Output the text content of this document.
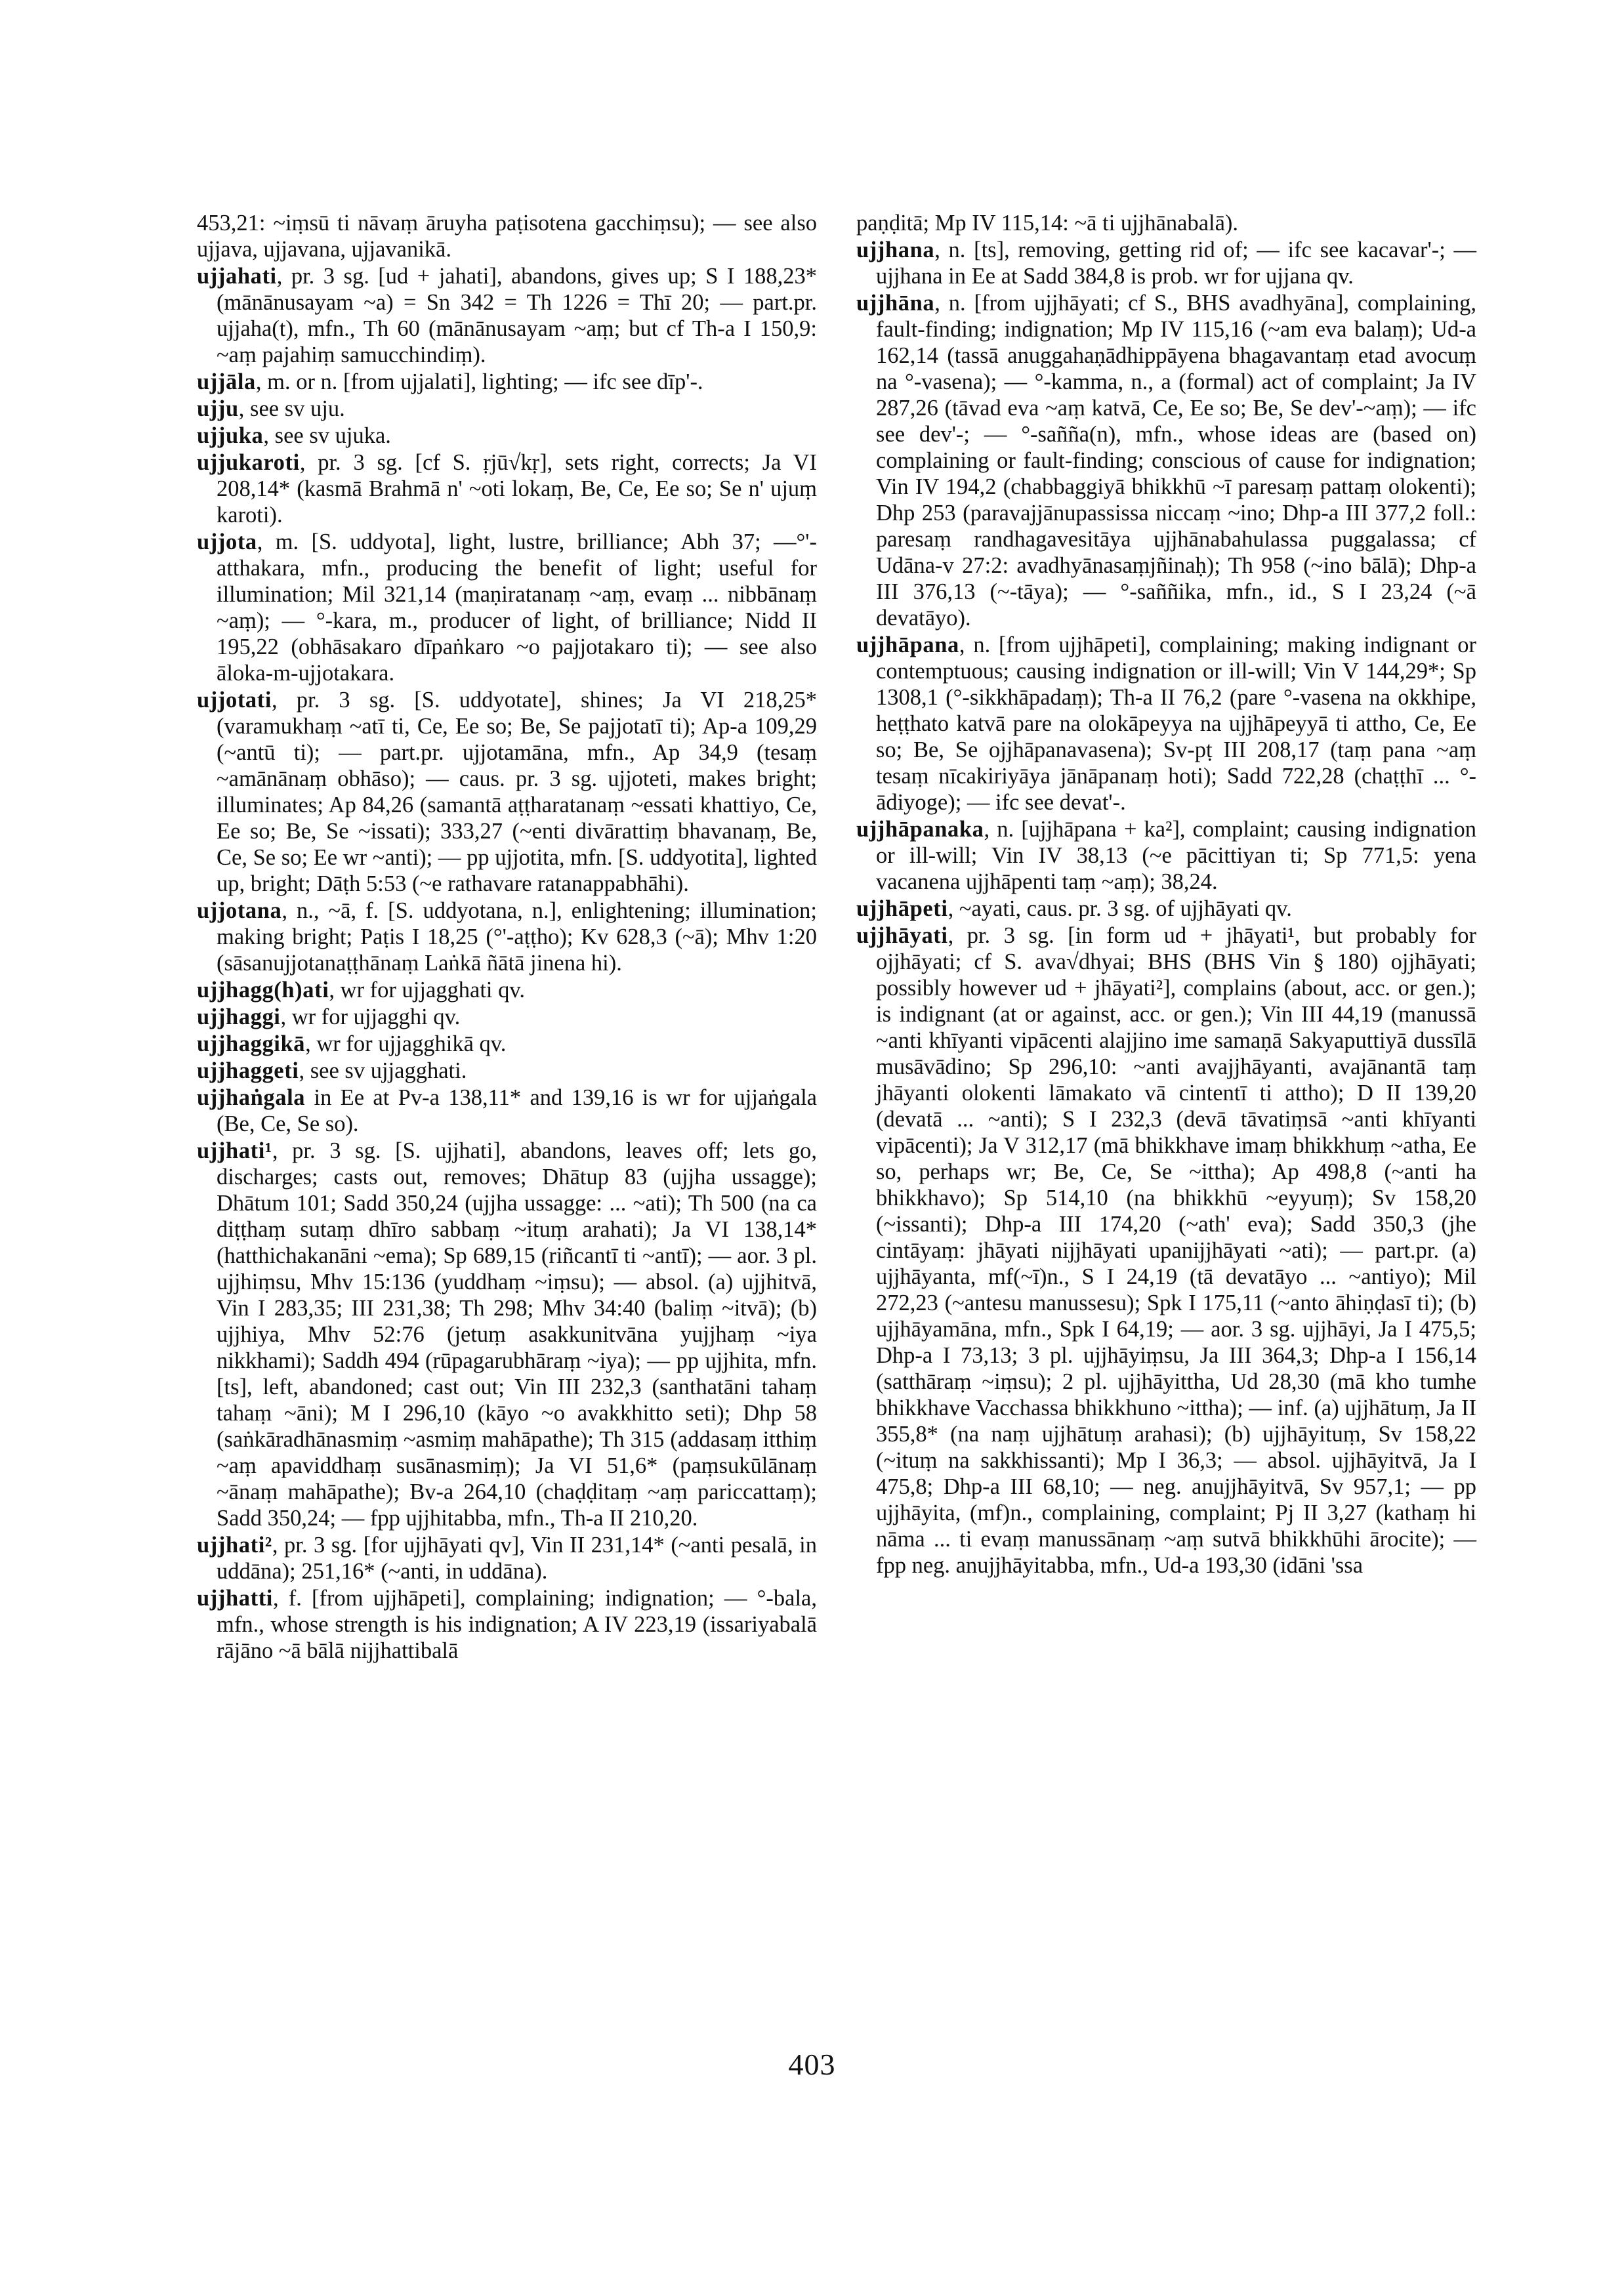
453,21: ~iṃsū ti nāvaṃ āruyha paṭisotena gacchiṃsu); — see also ujjava, ujjavana, ujjavanikā.

ujjahati, pr. 3 sg. [ud + jahati], abandons, gives up; S I 188,23* (mānānusayam ~a) = Sn 342 = Th 1226 = Thī 20; — part.pr. ujjaha(t), mfn., Th 60 (mānānusayam ~aṃ; but cf Th-a I 150,9: ~aṃ pajahiṃ samucchindiṃ).

ujjāla, m. or n. [from ujjalati], lighting; — ifc see dīp'-.

ujju, see sv uju.

ujjuka, see sv ujuka.

ujjukaroti, pr. 3 sg. [cf S. ṛjū√kṛ], sets right, corrects; Ja VI 208,14* (kasmā Brahmā n' ~oti lokaṃ, Be, Ce, Ee so; Se n' ujuṃ karoti).

ujjota, m. [S. uddyota], light, lustre, brilliance; Abh 37; —°'-atthakara, mfn., producing the benefit of light; useful for illumination; Mil 321,14 (maṇiratanaṃ ~aṃ, evaṃ ... nibbānaṃ ~aṃ); — °-kara, m., producer of light, of brilliance; Nidd II 195,22 (obhāsakaro dīpaṅkaro ~o pajjotakaro ti); — see also āloka-m-ujjotakara.

ujjotati, pr. 3 sg. [S. uddyotate], shines; Ja VI 218,25* (varamukhaṃ ~atī ti, Ce, Ee so; Be, Se pajjotatī ti); Ap-a 109,29 (~antū ti); — part.pr. ujjotamāna, mfn., Ap 34,9 (tesaṃ ~amānānaṃ obhāso); — caus. pr. 3 sg. ujjoteti, makes bright; illuminates; Ap 84,26 (samantā aṭṭharatanaṃ ~essati khattiyo, Ce, Ee so; Be, Se ~issati); 333,27 (~enti divārattiṃ bhavanaṃ, Be, Ce, Se so; Ee wr ~anti); — pp ujjotita, mfn. [S. uddyotita], lighted up, bright; Dāṭh 5:53 (~e rathavare ratanappabhāhi).

ujjotana, n., ~ā, f. [S. uddyotana, n.], enlightening; illumination; making bright; Paṭis I 18,25 (°'-aṭṭho); Kv 628,3 (~ā); Mhv 1:20 (sāsanujjotanaṭṭhānaṃ Laṅkā ñātā jinena hi).

ujjhagg(h)ati, wr for ujjagghati qv.

ujjhaggi, wr for ujjagghi qv.

ujjhaggikā, wr for ujjagghikā qv.

ujjhaggeti, see sv ujjagghati.

ujjhaṅgala in Ee at Pv-a 138,11* and 139,16 is wr for ujjaṅgala (Be, Ce, Se so).

ujjhati¹, pr. 3 sg. [S. ujjhati], abandons, leaves off; lets go, discharges; casts out, removes; Dhātup 83 (ujjha ussagge); Dhātum 101; Sadd 350,24 (ujjha ussagge: ... ~ati); Th 500 (na ca diṭṭhaṃ sutaṃ dhīro sabbaṃ ~ituṃ arahati); Ja VI 138,14* (hatthichakanāni ~ema); Sp 689,15 (riñcantī ti ~antī); — aor. 3 pl. ujjhiṃsu, Mhv 15:136 (yuddhaṃ ~iṃsu); — absol. (a) ujjhitvā, Vin I 283,35; III 231,38; Th 298; Mhv 34:40 (baliṃ ~itvā); (b) ujjhiya, Mhv 52:76 (jetuṃ asakkunitvāna yujjhaṃ ~iya nikkhami); Saddh 494 (rūpagarubhāraṃ ~iya); — pp ujjhita, mfn. [ts], left, abandoned; cast out; Vin III 232,3 (santhatāni tahaṃ tahaṃ ~āni); M I 296,10 (kāyo ~o avakkhitto seti); Dhp 58 (saṅkāradhānasmiṃ ~asmiṃ mahāpathe); Th 315 (addasaṃ itthiṃ ~aṃ apaviddhaṃ susānasmiṃ); Ja VI 51,6* (paṃsukūlānaṃ ~ānaṃ mahāpathe); Bv-a 264,10 (chaḍḍitaṃ ~aṃ pariccattaṃ); Sadd 350,24; — fpp ujjhitabba, mfn., Th-a II 210,20.

ujjhati², pr. 3 sg. [for ujjhāyati qv], Vin II 231,14* (~anti pesalā, in uddāna); 251,16* (~anti, in uddāna).

ujjhatti, f. [from ujjhāpeti], complaining; indignation; — °-bala, mfn., whose strength is his indignation; A IV 223,19 (issariyabalā rājāno ~ā bālā nijjhattibalā

paṇḍitā; Mp IV 115,14: ~ā ti ujjhānabalā).

ujjhana, n. [ts], removing, getting rid of; — ifc see kacavar'-; — ujjhana in Ee at Sadd 384,8 is prob. wr for ujjana qv.

ujjhāna, n. [from ujjhāyati; cf S., BHS avadhyāna], complaining, fault-finding; indignation; Mp IV 115,16 (~am eva balaṃ); Ud-a 162,14 (tassā anuggahaṇādhippāyena bhagavantaṃ etad avocuṃ na °-vasena); — °-kamma, n., a (formal) act of complaint; Ja IV 287,26 (tāvad eva ~aṃ katvā, Ce, Ee so; Be, Se dev'-~aṃ); — ifc see dev'-; — °-sañña(n), mfn., whose ideas are (based on) complaining or fault-finding; conscious of cause for indignation; Vin IV 194,2 (chabbaggiyā bhikkhū ~ī paresaṃ pattaṃ olokenti); Dhp 253 (paravajjānupassissa niccaṃ ~ino; Dhp-a III 377,2 foll.: paresaṃ randhagavesitāya ujjhānabahulassa puggalassa; cf Udāna-v 27:2: avadhyānasaṃjñinaḥ); Th 958 (~ino bālā); Dhp-a III 376,13 (~-tāya); — °-saññika, mfn., id., S I 23,24 (~ā devatāyo).

ujjhāpana, n. [from ujjhāpeti], complaining; making indignant or contemptuous; causing indignation or ill-will; Vin V 144,29*; Sp 1308,1 (°-sikkhāpadaṃ); Th-a II 76,2 (pare °-vasena na okkhipe, heṭṭhato katvā pare na olokāpeyya na ujjhāpeyyā ti attho, Ce, Ee so; Be, Se ojjhāpanavasena); Sv-pṭ III 208,17 (taṃ pana ~aṃ tesaṃ nīcakiriyāya jānāpanaṃ hoti); Sadd 722,28 (chaṭṭhī ... °-ādiyoge); — ifc see devat'-.

ujjhāpanaka, n. [ujjhāpana + ka²], complaint; causing indignation or ill-will; Vin IV 38,13 (~e pācittiyan ti; Sp 771,5: yena vacanena ujjhāpenti taṃ ~aṃ); 38,24.

ujjhāpeti, ~ayati, caus. pr. 3 sg. of ujjhāyati qv.

ujjhāyati, pr. 3 sg. [in form ud + jhāyati¹, but probably for ojjhāyati; cf S. ava√dhyai; BHS (BHS Vin § 180) ojjhāyati; possibly however ud + jhāyati²], complains (about, acc. or gen.); is indignant (at or against, acc. or gen.); Vin III 44,19 (manussā ~anti khīyanti vipācenti alajjino ime samaṇā Sakyaputtiyā dussīlā musāvādino; Sp 296,10: ~anti avajjhāyanti, avajānantā taṃ jhāyanti olokenti lāmakato vā cintentī ti attho); D II 139,20 (devatā ... ~anti); S I 232,3 (devā tāvatiṃsā ~anti khīyanti vipācenti); Ja V 312,17 (mā bhikkhave imaṃ bhikkhuṃ ~atha, Ee so, perhaps wr; Be, Ce, Se ~ittha); Ap 498,8 (~anti ha bhikkhavo); Sp 514,10 (na bhikkhū ~eyyuṃ); Sv 158,20 (~issanti); Dhp-a III 174,20 (~ath' eva); Sadd 350,3 (jhe cintāyaṃ: jhāyati nijjhāyati upanijjhāyati ~ati); — part.pr. (a) ujjhāyanta, mf(~ī)n., S I 24,19 (tā devatāyo ... ~antiyo); Mil 272,23 (~antesu manussesu); Spk I 175,11 (~anto āhiṇḍasī ti); (b) ujjhāyamāna, mfn., Spk I 64,19; — aor. 3 sg. ujjhāyi, Ja I 475,5; Dhp-a I 73,13; 3 pl. ujjhāyiṃsu, Ja III 364,3; Dhp-a I 156,14 (satthāraṃ ~iṃsu); 2 pl. ujjhāyittha, Ud 28,30 (mā kho tumhe bhikkhave Vacchassa bhikkhuno ~ittha); — inf. (a) ujjhātuṃ, Ja II 355,8* (na naṃ ujjhātuṃ arahasi); (b) ujjhāyituṃ, Sv 158,22 (~ituṃ na sakkhissanti); Mp I 36,3; — absol. ujjhāyitvā, Ja I 475,8; Dhp-a III 68,10; — neg. anujjhāyitvā, Sv 957,1; — pp ujjhāyita, (mf)n., complaining, complaint; Pj II 3,27 (kathaṃ hi nāma ... ti evaṃ manussānaṃ ~aṃ sutvā bhikkhūhi ārocite); — fpp neg. anujjhāyitabba, mfn., Ud-a 193,30 (idāni 'ssa

403
